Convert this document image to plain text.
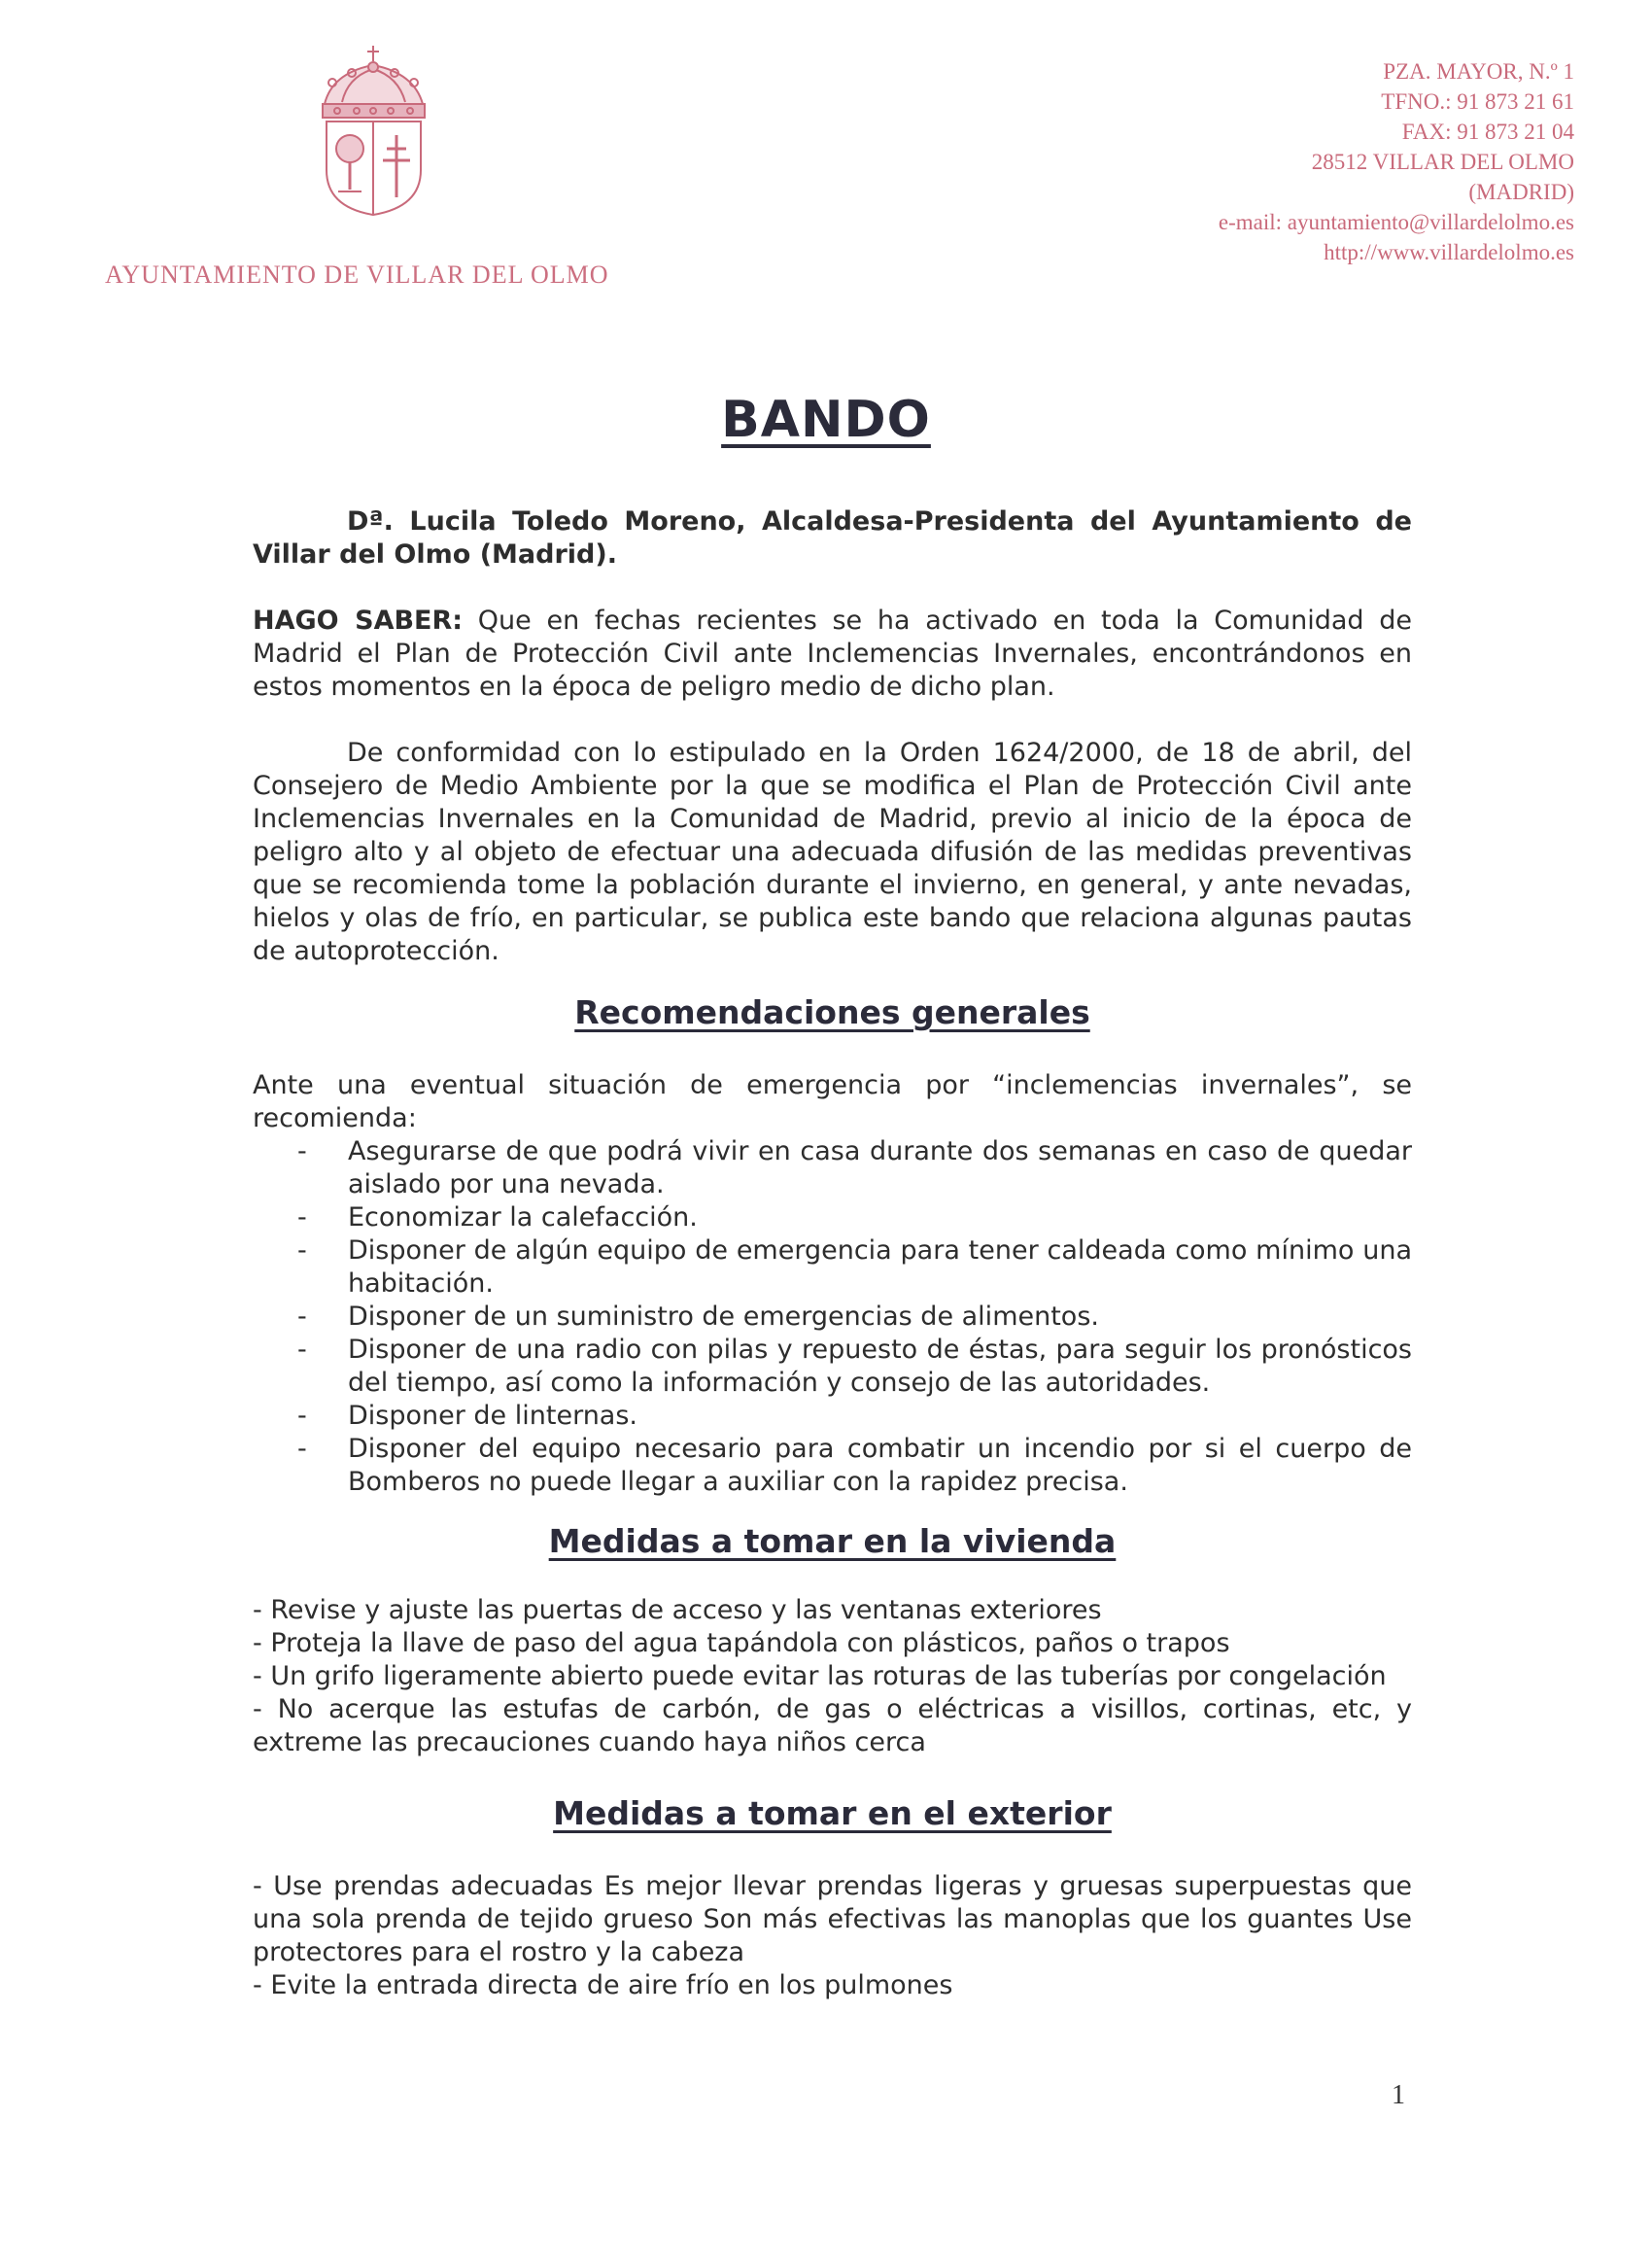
AYUNTAMIENTO DE VILLAR DEL OLMO
PZA. MAYOR, N.º 1
TFNO.: 91 873 21 61
FAX: 91 873 21 04
28512 VILLAR DEL OLMO
(MADRID)
e-mail: ayuntamiento@villardelolmo.es
http://www.villardelolmo.es
BANDO

Dª. Lucila Toledo Moreno, Alcaldesa-Presidenta del Ayuntamiento de Villar del Olmo (Madrid).

HAGO SABER: Que en fechas recientes se ha activado en toda la Comunidad de Madrid el Plan de Protección Civil ante Inclemencias Invernales, encontrándonos en estos momentos en la época de peligro medio de dicho plan.

De conformidad con lo estipulado en la Orden 1624/2000, de 18 de abril, del Consejero de Medio Ambiente por la que se modifica el Plan de Protección Civil ante Inclemencias Invernales en la Comunidad de Madrid, previo al inicio de la época de peligro alto y al objeto de efectuar una adecuada difusión de las medidas preventivas que se recomienda tome la población durante el invierno, en general, y ante nevadas, hielos y olas de frío, en particular, se publica este bando que relaciona algunas pautas de autoprotección.

Recomendaciones generales

Ante una eventual situación de emergencia por “inclemencias invernales”, se recomienda:

- Asegurarse de que podrá vivir en casa durante dos semanas en caso de quedar aislado por una nevada.
- Economizar la calefacción.
- Disponer de algún equipo de emergencia para tener caldeada como mínimo una habitación.
- Disponer de un suministro de emergencias de alimentos.
- Disponer de una radio con pilas y repuesto de éstas, para seguir los pronósticos del tiempo, así como la información y consejo de las autoridades.
- Disponer de linternas.
- Disponer del equipo necesario para combatir un incendio por si el cuerpo de Bomberos no puede llegar a auxiliar con la rapidez precisa.
Medidas a tomar en la vivienda

- Revise y ajuste las puertas de acceso y las ventanas exteriores

- Proteja la llave de paso del agua tapándola con plásticos, paños o trapos

- Un grifo ligeramente abierto puede evitar las roturas de las tuberías por congelación

- No acerque las estufas de carbón, de gas o eléctricas a visillos, cortinas, etc, y extreme las precauciones cuando haya niños cerca

Medidas a tomar en el exterior

- Use prendas adecuadas Es mejor llevar prendas ligeras y gruesas superpuestas que una sola prenda de tejido grueso Son más efectivas las manoplas que los guantes Use protectores para el rostro y la cabeza

- Evite la entrada directa de aire frío en los pulmones

1
